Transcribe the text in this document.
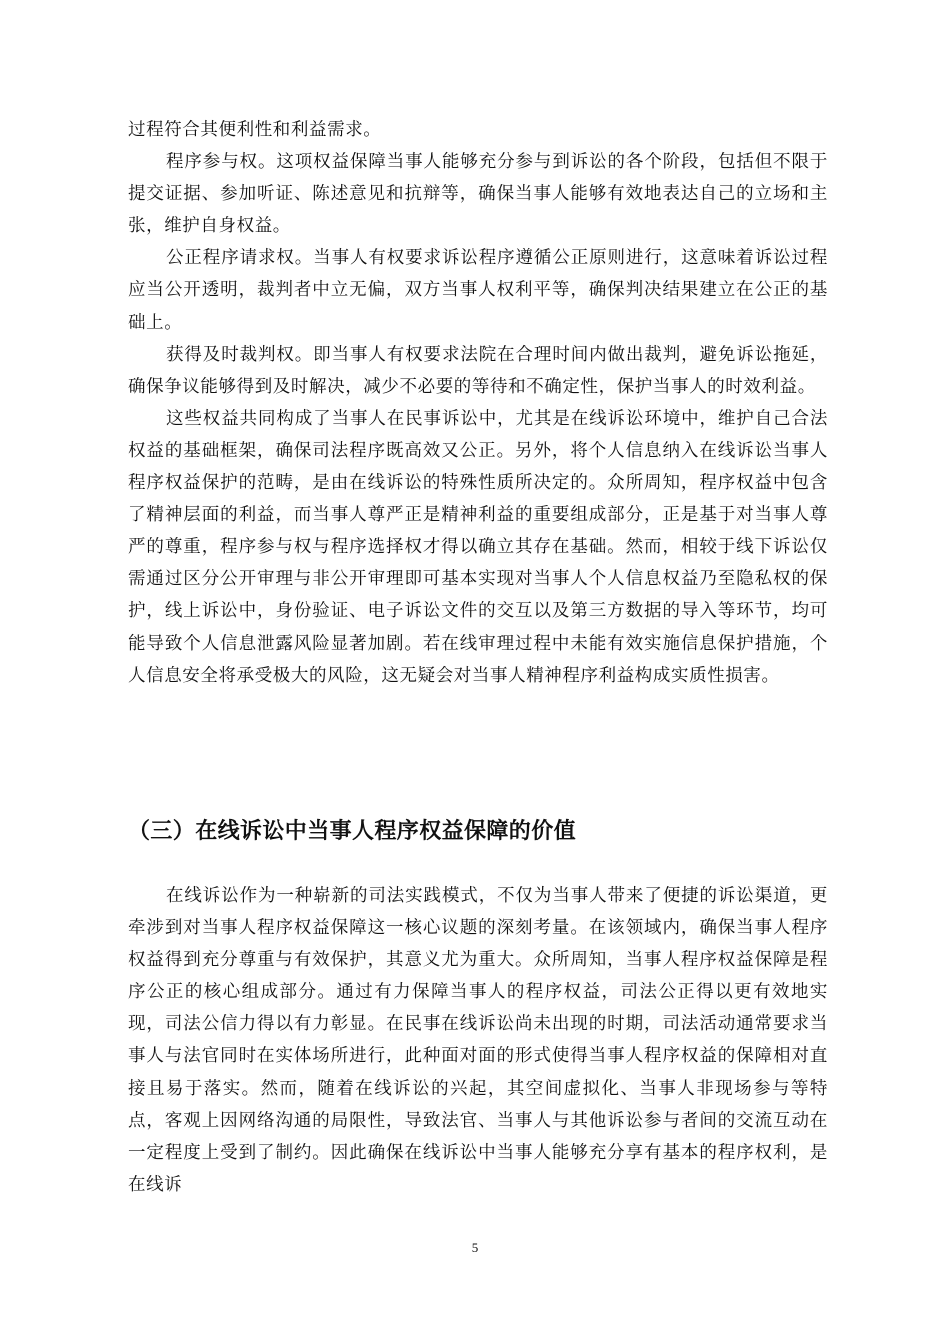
过程符合其便利性和利益需求。

程序参与权。这项权益保障当事人能够充分参与到诉讼的各个阶段，包括但不限于提交证据、参加听证、陈述意见和抗辩等，确保当事人能够有效地表达自己的立场和主张，维护自身权益。

公正程序请求权。当事人有权要求诉讼程序遵循公正原则进行，这意味着诉讼过程应当公开透明，裁判者中立无偏，双方当事人权利平等，确保判决结果建立在公正的基础上。

获得及时裁判权。即当事人有权要求法院在合理时间内做出裁判，避免诉讼拖延，确保争议能够得到及时解决，减少不必要的等待和不确定性，保护当事人的时效利益。

这些权益共同构成了当事人在民事诉讼中，尤其是在线诉讼环境中，维护自己合法权益的基础框架，确保司法程序既高效又公正。另外，将个人信息纳入在线诉讼当事人程序权益保护的范畴，是由在线诉讼的特殊性质所决定的。众所周知，程序权益中包含了精神层面的利益，而当事人尊严正是精神利益的重要组成部分，正是基于对当事人尊严的尊重，程序参与权与程序选择权才得以确立其存在基础。然而，相较于线下诉讼仅需通过区分公开审理与非公开审理即可基本实现对当事人个人信息权益乃至隐私权的保护，线上诉讼中，身份验证、电子诉讼文件的交互以及第三方数据的导入等环节，均可能导致个人信息泄露风险显著加剧。若在线审理过程中未能有效实施信息保护措施，个人信息安全将承受极大的风险，这无疑会对当事人精神程序利益构成实质性损害。

（三）在线诉讼中当事人程序权益保障的价值

在线诉讼作为一种崭新的司法实践模式，不仅为当事人带来了便捷的诉讼渠道，更牵涉到对当事人程序权益保障这一核心议题的深刻考量。在该领域内，确保当事人程序权益得到充分尊重与有效保护，其意义尤为重大。众所周知，当事人程序权益保障是程序公正的核心组成部分。通过有力保障当事人的程序权益，司法公正得以更有效地实现，司法公信力得以有力彰显。在民事在线诉讼尚未出现的时期，司法活动通常要求当事人与法官同时在实体场所进行，此种面对面的形式使得当事人程序权益的保障相对直接且易于落实。然而，随着在线诉讼的兴起，其空间虚拟化、当事人非现场参与等特点，客观上因网络沟通的局限性，导致法官、当事人与其他诉讼参与者间的交流互动在一定程度上受到了制约。因此确保在线诉讼中当事人能够充分享有基本的程序权利，是在线诉

5
